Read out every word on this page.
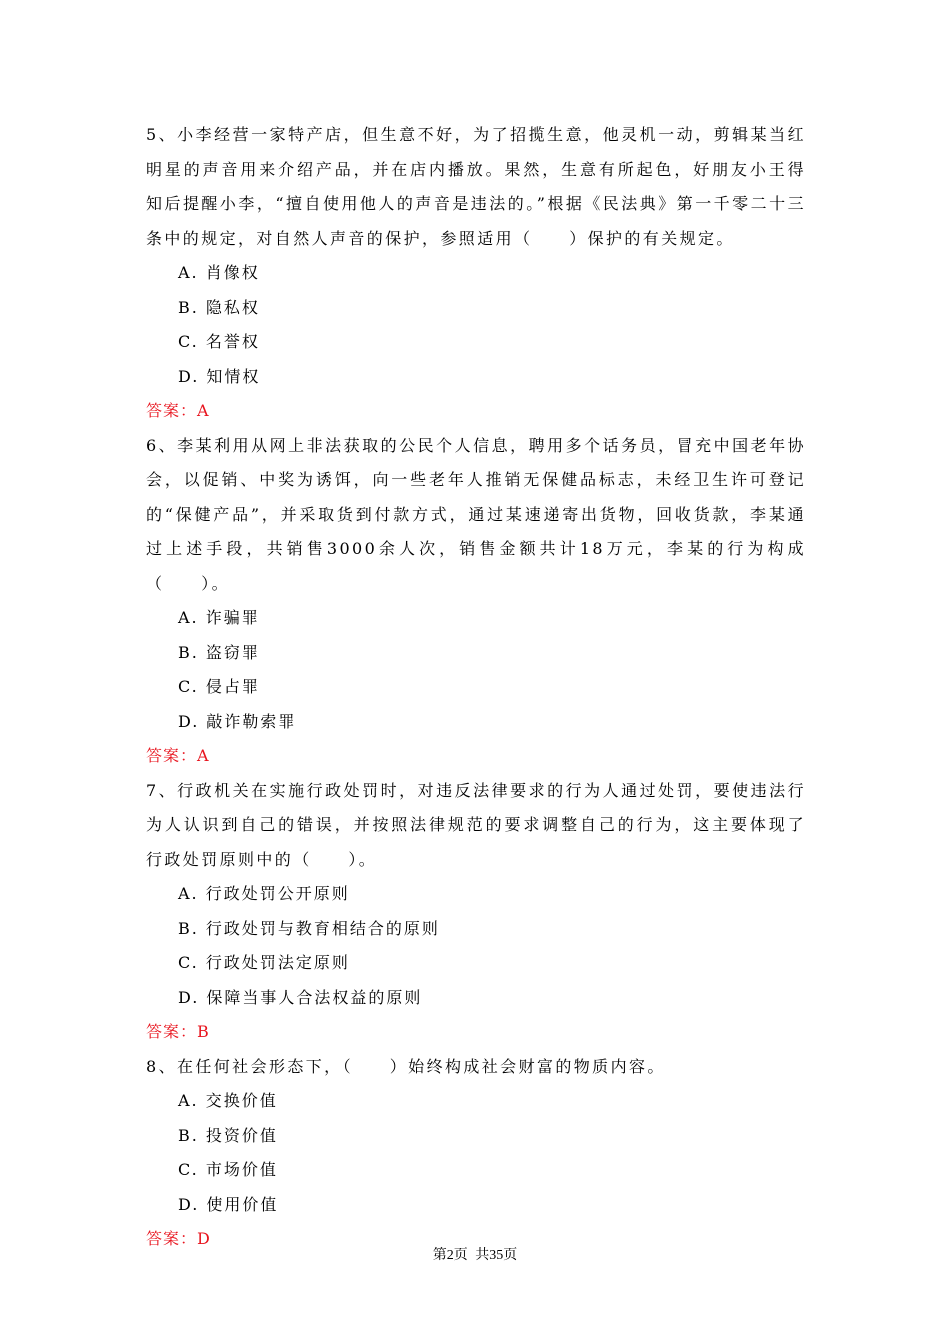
5、小李经营一家特产店，但生意不好，为了招揽生意，他灵机一动，剪辑某当红明星的声音用来介绍产品，并在店内播放。果然，生意有所起色，好朋友小王得知后提醒小李，“擅自使用他人的声音是违法的。”根据《民法典》第一千零二十三条中的规定，对自然人声音的保护，参照适用（　　）保护的有关规定。

A. 肖像权
B. 隐私权
C. 名誉权
D. 知情权
答案：A

6、李某利用从网上非法获取的公民个人信息，聘用多个话务员，冒充中国老年协会，以促销、中奖为诱饵，向一些老年人推销无保健品标志，未经卫生许可登记的“保健产品”，并采取货到付款方式，通过某速递寄出货物，回收货款，李某通过上述手段，共销售3000余人次，销售金额共计18万元，李某的行为构成（　　）。

A. 诈骗罪
B. 盗窃罪
C. 侵占罪
D. 敲诈勒索罪
答案：A

7、行政机关在实施行政处罚时，对违反法律要求的行为人通过处罚，要使违法行为人认识到自己的错误，并按照法律规范的要求调整自己的行为，这主要体现了行政处罚原则中的（　　）。

A. 行政处罚公开原则
B. 行政处罚与教育相结合的原则
C. 行政处罚法定原则
D. 保障当事人合法权益的原则
答案：B

8、在任何社会形态下，（　　）始终构成社会财富的物质内容。

A. 交换价值
B. 投资价值
C. 市场价值
D. 使用价值
答案：D
第2页 共35页
